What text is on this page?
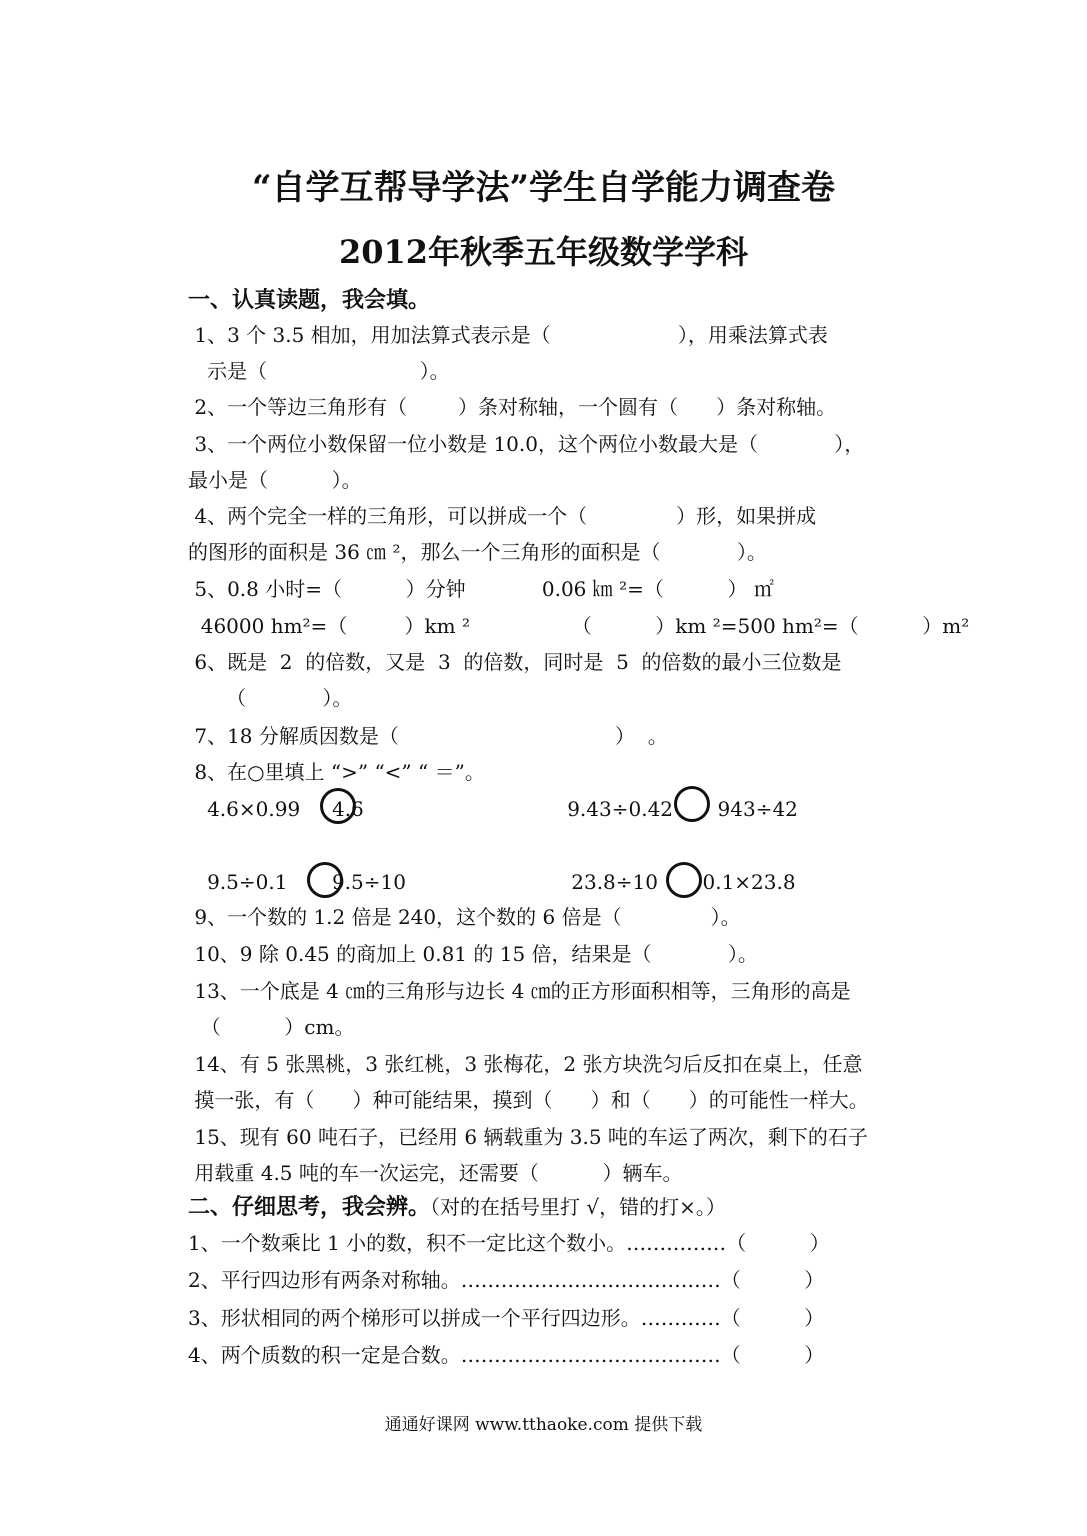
“自学互帮导学法”学生自学能力调查卷
2012年秋季五年级数学学科
一、认真读题，我会填。
1、3 个 3.5 相加，用加法算式表示是（                    ），用乘法算式表
示是（                        ）。
2、一个等边三角形有（        ）条对称轴，一个圆有（      ）条对称轴。
3、一个两位小数保留一位小数是 10.0，这个两位小数最大是（            ），
最小是（          ）。
4、两个完全一样的三角形，可以拼成一个（              ）形，如果拼成
的图形的面积是 36 ㎝ ²，那么一个三角形的面积是（            ）。
5、0.8 小时=（          ）分钟            0.06 ㎞ ²=（          ） ㎡
46000 hm²=（         ）km ²                （          ）km ²=500 hm²=（          ）m²
6、既是  2  的倍数，又是  3  的倍数，同时是  5  的倍数的最小三位数是
（            ）。
7、18 分解质因数是（                                  ）  。
8、在○里填上 “>” “<” “ ＝”。
4.6×0.99     4.6                                9.43÷0.42       943÷42
9.5÷0.1       9.5÷10                          23.8÷10       0.1×23.8
9、一个数的 1.2 倍是 240，这个数的 6 倍是（              ）。
10、9 除 0.45 的商加上 0.81 的 15 倍，结果是（            ）。
13、一个底是 4 ㎝的三角形与边长 4 ㎝的正方形面积相等，三角形的高是
（          ）cm。
14、有 5 张黑桃，3 张红桃，3 张梅花，2 张方块洗匀后反扣在桌上，任意
摸一张，有（      ）种可能结果，摸到（      ）和（      ）的可能性一样大。
15、现有 60 吨石子，已经用 6 辆载重为 3.5 吨的车运了两次，剩下的石子
用载重 4.5 吨的车一次运完，还需要（          ）辆车。
二、仔细思考，我会辨。（对的在括号里打 √，错的打×。）
1、一个数乘比 1 小的数，积不一定比这个数小。……………（          ）
2、平行四边形有两条对称轴。…………………………………（          ）
3、形状相同的两个梯形可以拼成一个平行四边形。…………（          ）
4、两个质数的积一定是合数。…………………………………（          ）
通通好课网 www.tthaoke.com 提供下载
